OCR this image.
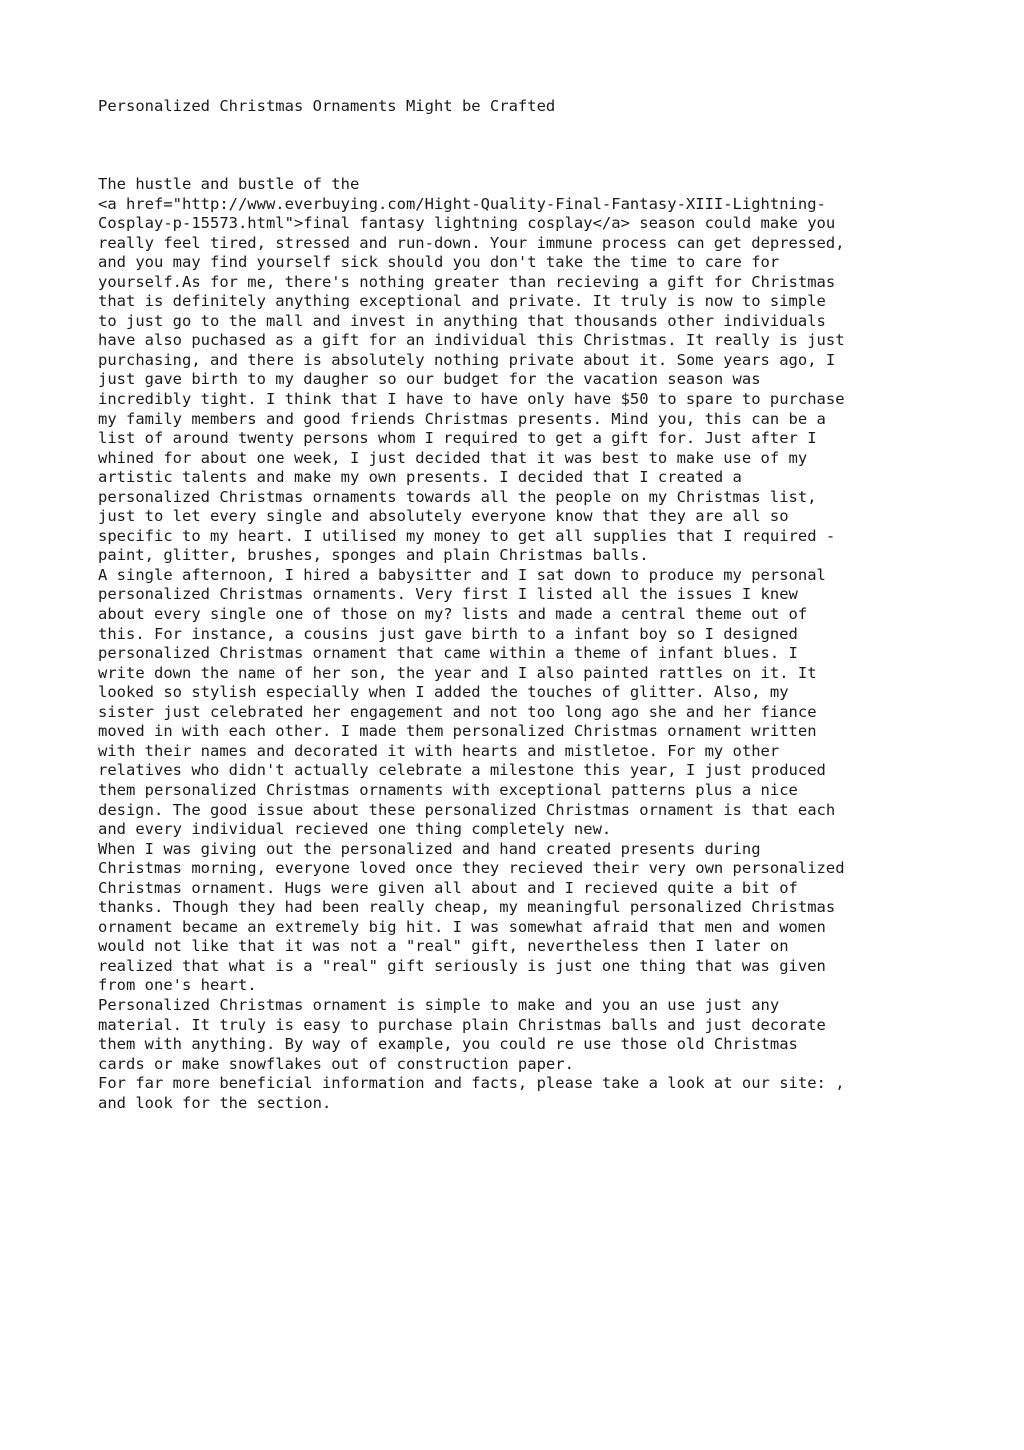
Personalized Christmas Ornaments Might be Crafted
The hustle and bustle of the
<a href="http://www.everbuying.com/Hight-Quality-Final-Fantasy-XIII-Lightning-
Cosplay-p-15573.html">final fantasy lightning cosplay</a> season could make you
really feel tired, stressed and run-down. Your immune process can get depressed,
and you may find yourself sick should you don't take the time to care for
yourself.As for me, there's nothing greater than recieving a gift for Christmas
that is definitely anything exceptional and private. It truly is now to simple
to just go to the mall and invest in anything that thousands other individuals
have also puchased as a gift for an individual this Christmas. It really is just
purchasing, and there is absolutely nothing private about it. Some years ago, I
just gave birth to my daugher so our budget for the vacation season was
incredibly tight. I think that I have to have only have $50 to spare to purchase
my family members and good friends Christmas presents. Mind you, this can be a
list of around twenty persons whom I required to get a gift for. Just after I
whined for about one week, I just decided that it was best to make use of my
artistic talents and make my own presents. I decided that I created a
personalized Christmas ornaments towards all the people on my Christmas list,
just to let every single and absolutely everyone know that they are all so
specific to my heart. I utilised my money to get all supplies that I required -
paint, glitter, brushes, sponges and plain Christmas balls.
A single afternoon, I hired a babysitter and I sat down to produce my personal
personalized Christmas ornaments. Very first I listed all the issues I knew
about every single one of those on my? lists and made a central theme out of
this. For instance, a cousins just gave birth to a infant boy so I designed
personalized Christmas ornament that came within a theme of infant blues. I
write down the name of her son, the year and I also painted rattles on it. It
looked so stylish especially when I added the touches of glitter. Also, my
sister just celebrated her engagement and not too long ago she and her fiance
moved in with each other. I made them personalized Christmas ornament written
with their names and decorated it with hearts and mistletoe. For my other
relatives who didn't actually celebrate a milestone this year, I just produced
them personalized Christmas ornaments with exceptional patterns plus a nice
design. The good issue about these personalized Christmas ornament is that each
and every individual recieved one thing completely new.
When I was giving out the personalized and hand created presents during
Christmas morning, everyone loved once they recieved their very own personalized
Christmas ornament. Hugs were given all about and I recieved quite a bit of
thanks. Though they had been really cheap, my meaningful personalized Christmas
ornament became an extremely big hit. I was somewhat afraid that men and women
would not like that it was not a "real" gift, nevertheless then I later on
realized that what is a "real" gift seriously is just one thing that was given
from one's heart.
Personalized Christmas ornament is simple to make and you an use just any
material. It truly is easy to purchase plain Christmas balls and just decorate
them with anything. By way of example, you could re use those old Christmas
cards or make snowflakes out of construction paper.
For far more beneficial information and facts, please take a look at our site: ,
and look for the section.
